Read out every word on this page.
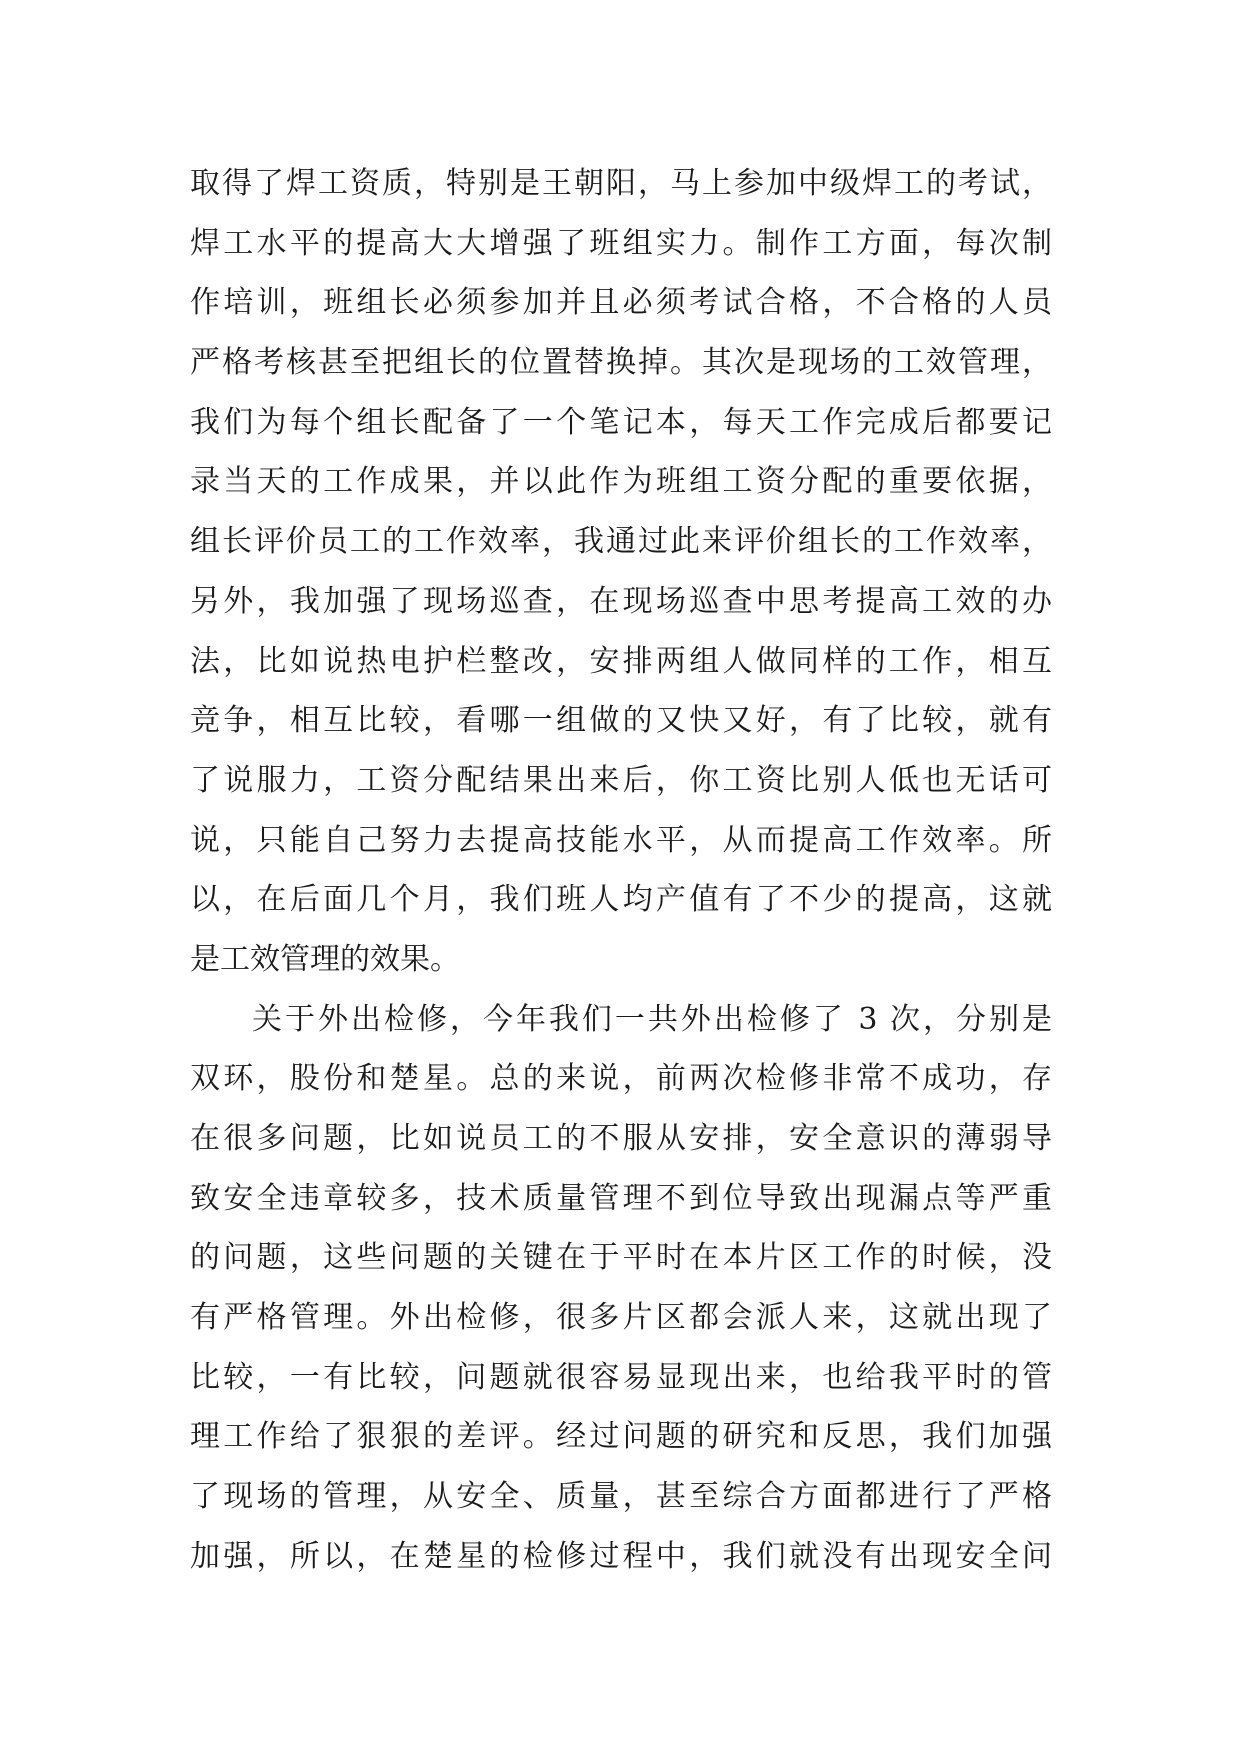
取得了焊工资质，特别是王朝阳，马上参加中级焊工的考试，
焊工水平的提高大大增强了班组实力。制作工方面，每次制
作培训，班组长必须参加并且必须考试合格，不合格的人员
严格考核甚至把组长的位置替换掉。其次是现场的工效管理，
我们为每个组长配备了一个笔记本，每天工作完成后都要记
录当天的工作成果，并以此作为班组工资分配的重要依据，
组长评价员工的工作效率，我通过此来评价组长的工作效率，
另外，我加强了现场巡查，在现场巡查中思考提高工效的办
法，比如说热电护栏整改，安排两组人做同样的工作，相互
竞争，相互比较，看哪一组做的又快又好，有了比较，就有
了说服力，工资分配结果出来后，你工资比别人低也无话可
说，只能自己努力去提高技能水平，从而提高工作效率。所
以，在后面几个月，我们班人均产值有了不少的提高，这就
是工效管理的效果。
关于外出检修，今年我们一共外出检修了 3 次，分别是
双环，股份和楚星。总的来说，前两次检修非常不成功，存
在很多问题，比如说员工的不服从安排，安全意识的薄弱导
致安全违章较多，技术质量管理不到位导致出现漏点等严重
的问题，这些问题的关键在于平时在本片区工作的时候，没
有严格管理。外出检修，很多片区都会派人来，这就出现了
比较，一有比较，问题就很容易显现出来，也给我平时的管
理工作给了狠狠的差评。经过问题的研究和反思，我们加强
了现场的管理，从安全、质量，甚至综合方面都进行了严格
加强，所以，在楚星的检修过程中，我们就没有出现安全问
